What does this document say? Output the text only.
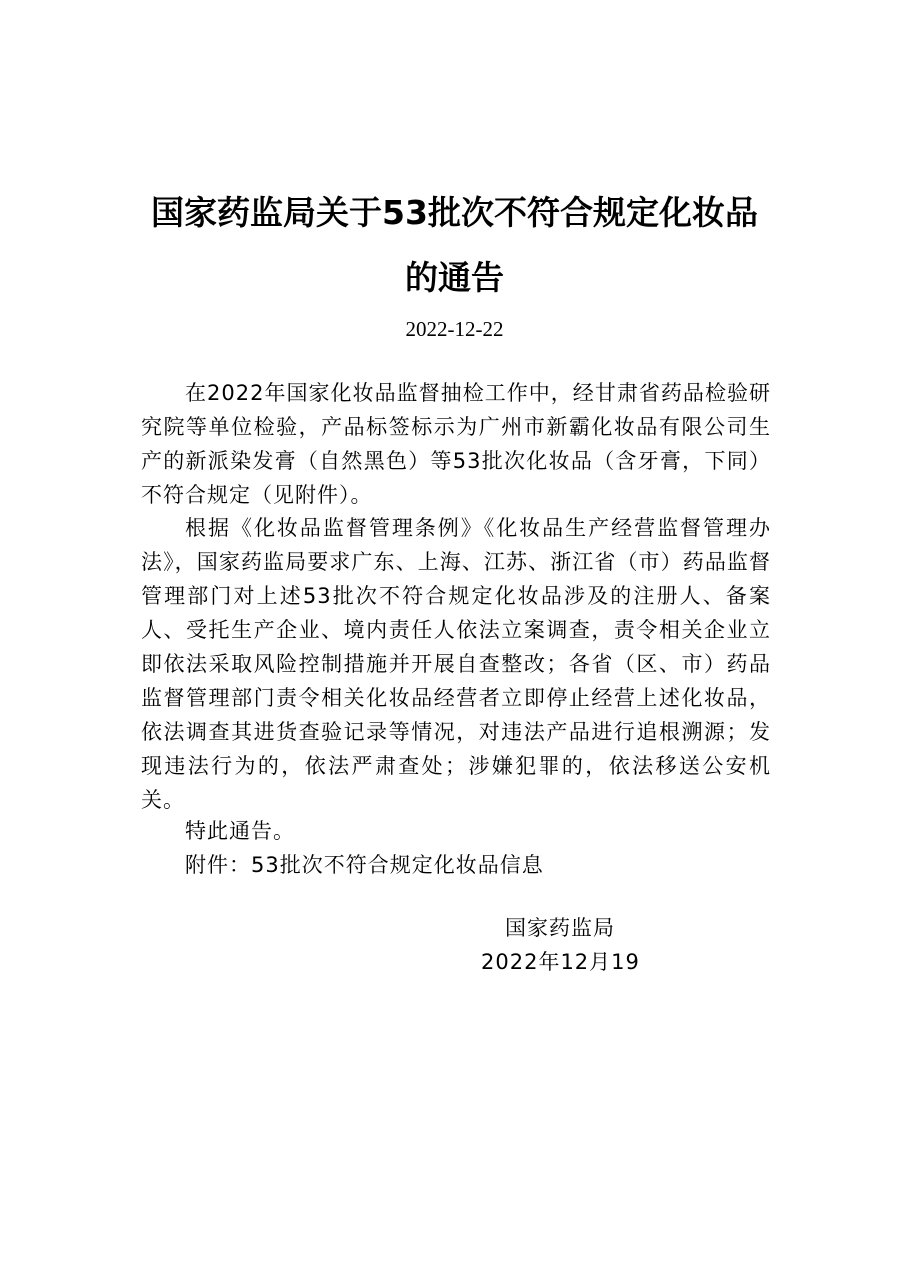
国家药监局关于53批次不符合规定化妆品
的通告
2022-12-22
在2022年国家化妆品监督抽检工作中，经甘肃省药品检验研究院等单位检验，产品标签标示为广州市新霸化妆品有限公司生产的新派染发膏（自然黑色）等53批次化妆品（含牙膏，下同）不符合规定（见附件）。
根据《化妆品监督管理条例》《化妆品生产经营监督管理办法》，国家药监局要求广东、上海、江苏、浙江省（市）药品监督管理部门对上述53批次不符合规定化妆品涉及的注册人、备案人、受托生产企业、境内责任人依法立案调查，责令相关企业立即依法采取风险控制措施并开展自查整改；各省（区、市）药品监督管理部门责令相关化妆品经营者立即停止经营上述化妆品，依法调查其进货查验记录等情况，对违法产品进行追根溯源；发现违法行为的，依法严肃查处；涉嫌犯罪的，依法移送公安机关。
特此通告。
附件：53批次不符合规定化妆品信息
国家药监局
2022年12月19
